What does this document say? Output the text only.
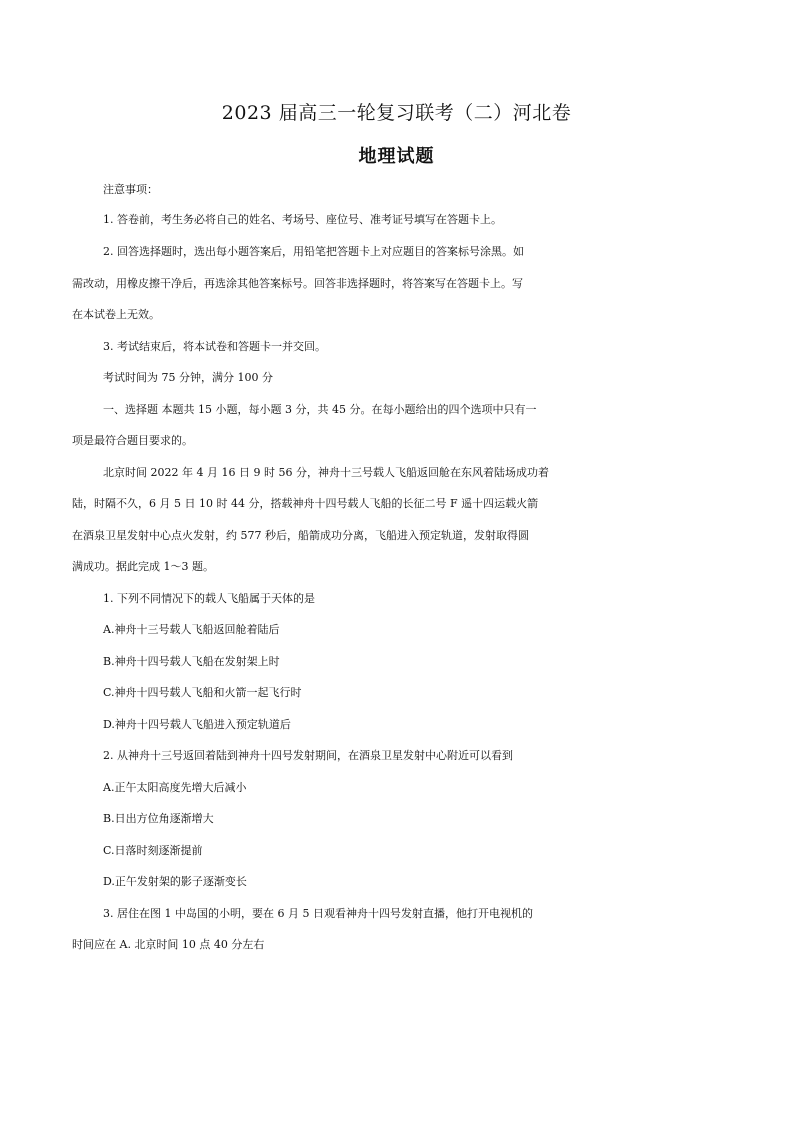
2023 届高三一轮复习联考（二）河北卷
地理试题
注意事项：
1. 答卷前，考生务必将自己的姓名、考场号、座位号、准考证号填写在答题卡上。
2. 回答选择题时，选出每小题答案后，用铅笔把答题卡上对应题目的答案标号涂黑。如
需改动，用橡皮擦干净后，再选涂其他答案标号。回答非选择题时，将答案写在答题卡上。写
在本试卷上无效。
3. 考试结束后，将本试卷和答题卡一并交回。
考试时间为 75 分钟，满分 100 分
一、选择题 本题共 15 小题，每小题 3 分，共 45 分。在每小题给出的四个选项中只有一
项是最符合题目要求的。
北京时间 2022 年 4 月 16 日 9 时 56 分，神舟十三号载人飞船返回舱在东风着陆场成功着
陆，时隔不久，6 月 5 日 10 时 44 分，搭载神舟十四号载人飞船的长征二号 F 遥十四运载火箭
在酒泉卫星发射中心点火发射，约 577 秒后，船箭成功分离，飞船进入预定轨道，发射取得圆
满成功。据此完成 1～3 题。
1. 下列不同情况下的载人飞船属于天体的是
A.神舟十三号载人飞船返回舱着陆后
B.神舟十四号载人飞船在发射架上时
C.神舟十四号载人飞船和火箭一起飞行时
D.神舟十四号载人飞船进入预定轨道后
2. 从神舟十三号返回着陆到神舟十四号发射期间，在酒泉卫星发射中心附近可以看到
A.正午太阳高度先增大后减小
B.日出方位角逐渐增大
C.日落时刻逐渐提前
D.正午发射架的影子逐渐变长
3. 居住在图 1 中岛国的小明，要在 6 月 5 日观看神舟十四号发射直播，他打开电视机的
时间应在 A. 北京时间 10 点 40 分左右
